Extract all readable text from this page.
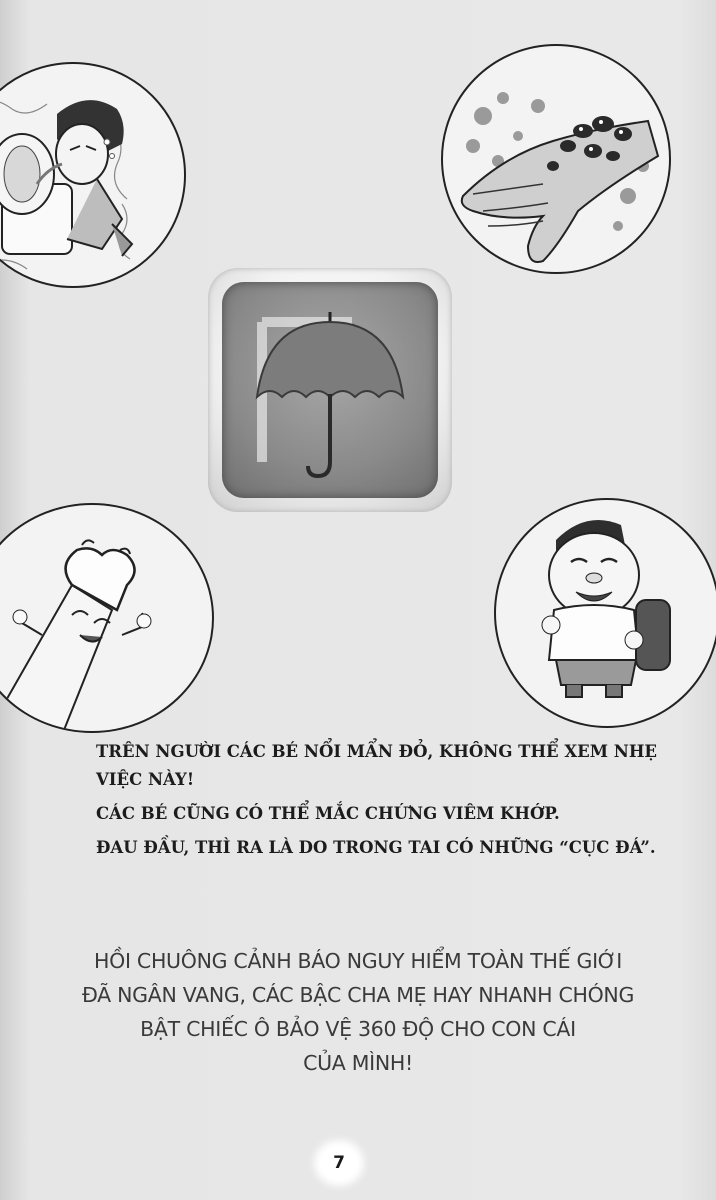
TRÊN NGƯỜI CÁC BÉ NỔI MẨN ĐỎ, KHÔNG THỂ XEM NHẸ VIỆC NÀY!

CÁC BÉ CŨNG CÓ THỂ MẮC CHỨNG VIÊM KHỚP.

ĐAU ĐẦU, THÌ RA LÀ DO TRONG TAI CÓ NHỮNG “CỤC ĐÁ”.

HỒI CHUÔNG CẢNH BÁO NGUY HIỂM TOÀN THẾ GIỚI
ĐÃ NGÂN VANG, CÁC BẬC CHA MẸ HAY NHANH CHÓNG
BẬT CHIẾC Ô BẢO VỆ 360 ĐỘ CHO CON CÁI
CỦA MÌNH!
7
